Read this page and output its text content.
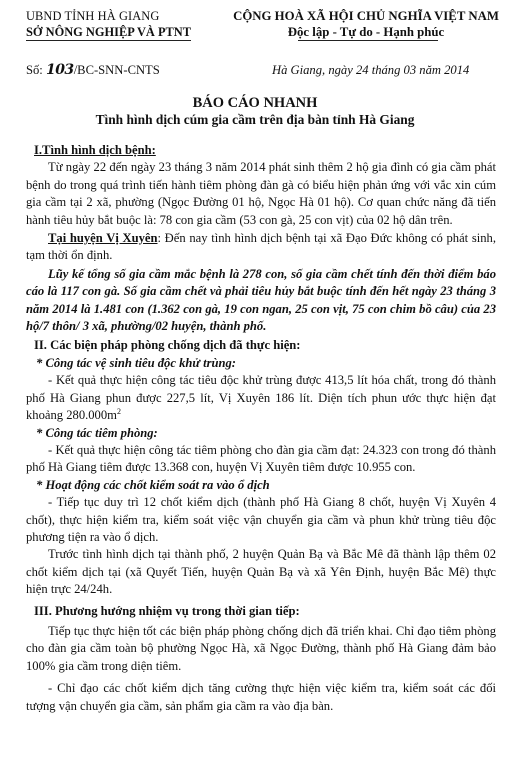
UBND TỈNH HÀ GIANG
SỞ NÔNG NGHIỆP VÀ PTNT
CỘNG HOÀ XÃ HỘI CHỦ NGHĨA VIỆT NAM
Độc lập - Tự do - Hạnh phúc
Số: 103/BC-SNN-CNTS	Hà Giang, ngày 24 tháng 03 năm 2014
BÁO CÁO NHANH
Tình hình dịch cúm gia cầm trên địa bàn tỉnh Hà Giang

I.Tình hình dịch bệnh:

Từ ngày 22 đến ngày 23 tháng 3 năm 2014 phát sinh thêm 2 hộ gia đình có gia cầm phát bệnh do trong quá trình tiến hành tiêm phòng đàn gà có biểu hiện phản ứng với vắc xin cúm gia cầm tại 2 xã, phường (Ngọc Đường 01 hộ, Ngọc Hà 01 hộ). Cơ quan chức năng đã tiến hành tiêu hủy bắt buộc là: 78 con gia cầm (53 con gà, 25 con vịt) của 02 hộ dân trên.

Tại huyện Vị Xuyên: Đến nay tình hình dịch bệnh tại xã Đạo Đức không có phát sinh, tạm thời ổn định.

Lũy kế tổng số gia cầm mắc bệnh là 278 con, số gia cầm chết tính đến thời điểm báo cáo là 117 con gà. Số gia cầm chết và phải tiêu hủy bắt buộc tính đến hết ngày 23 tháng 3 năm 2014 là 1.481 con (1.362 con gà, 19 con ngan, 25 con vịt, 75 con chim bồ câu) của 23 hộ/7 thôn/ 3 xã, phường/02 huyện, thành phố.

II. Các biện pháp phòng chống dịch đã thực hiện:

* Công tác vệ sinh tiêu độc khử trùng:

- Kết quả thực hiện công tác tiêu độc khử trùng được 413,5 lít hóa chất, trong đó thành phố Hà Giang phun được 227,5 lít, Vị Xuyên 186 lít. Diện tích phun ước thực hiện đạt khoảng $280.000m^2$

* Công tác tiêm phòng:

- Kết quả thực hiện công tác tiêm phòng cho đàn gia cầm đạt: 24.323 con trong đó thành phố Hà Giang tiêm được 13.368 con, huyện Vị Xuyên tiêm được 10.955 con.

* Hoạt động các chốt kiểm soát ra vào ổ dịch

- Tiếp tục duy trì 12 chốt kiểm dịch (thành phố Hà Giang 8 chốt, huyện Vị Xuyên 4 chốt), thực hiện kiểm tra, kiểm soát việc vận chuyển gia cầm và phun khử trùng tiêu độc phương tiện ra vào ổ dịch.

Trước tình hình dịch tại thành phố, 2 huyện Quản Bạ và Bắc Mê đã thành lập thêm 02 chốt kiểm dịch tại (xã Quyết Tiến, huyện Quản Bạ và xã Yên Định, huyện Bắc Mê) thực hiện trực 24/24h.

III. Phương hướng nhiệm vụ trong thời gian tiếp:

Tiếp tục thực hiện tốt các biện pháp phòng chống dịch đã triển khai. Chỉ đạo tiêm phòng cho đàn gia cầm toàn bộ phường Ngọc Hà, xã Ngọc Đường, thành phố Hà Giang đảm bảo 100% gia cầm trong diện tiêm.

- Chỉ đạo các chốt kiểm dịch tăng cường thực hiện việc kiểm tra, kiểm soát các đối tượng vận chuyển gia cầm, sản phẩm gia cầm ra vào địa bàn.
